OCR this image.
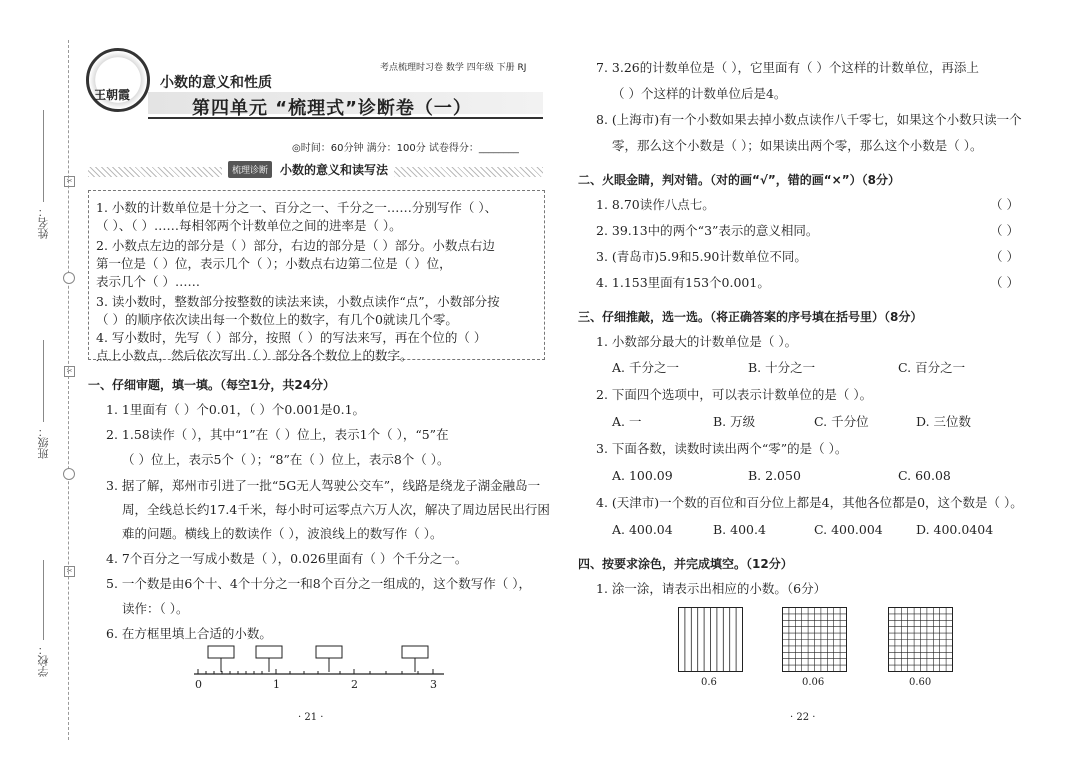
姓名：
班级：
学校：
✂
✂
✂
王朝霞
考点梳理时习卷 数学 四年级 下册 RJ
小数的意义和性质
第四单元 “梳理式”诊断卷（一）
◎时间：60分钟 满分：100分 试卷得分：________
梳理诊断	小数的意义和读写法
1. 小数的计数单位是十分之一、百分之一、千分之一……分别写作（ ）、
（ ）、（ ）……每相邻两个计数单位之间的进率是（ ）。
2. 小数点左边的部分是（ ）部分，右边的部分是（ ）部分。小数点右边
第一位是（ ）位，表示几个（ ）；小数点右边第二位是（ ）位，
表示几个（ ）……
3. 读小数时，整数部分按整数的读法来读，小数点读作“点”，小数部分按
（ ）的顺序依次读出每一个数位上的数字，有几个0就读几个零。
4. 写小数时，先写（ ）部分，按照（ ）的写法来写，再在个位的（ ）
点上小数点，然后依次写出（ ）部分各个数位上的数字。
一、仔细审题，填一填。（每空1分，共24分）
1. 1里面有（ ）个0.01，（ ）个0.001是0.1。
2. 1.58读作（ ），其中“1”在（ ）位上，表示1个（ ），“5”在
（ ）位上，表示5个（ ）；“8”在（ ）位上，表示8个（ ）。
3. 据了解，郑州市引进了一批“5G无人驾驶公交车”，线路是绕龙子湖金融岛一
周，全线总长约17.4千米，每小时可运零点六万人次，解决了周边居民出行困
难的问题。横线上的数读作（ ），波浪线上的数写作（ ）。
4. 7个百分之一写成小数是（ ），0.026里面有（ ）个千分之一。
5. 一个数是由6个十、4个十分之一和8个百分之一组成的，这个数写作（ ），
读作：（ ）。
6. 在方框里填上合适的小数。
0	1	2	3
· 21 ·
7. 3.26的计数单位是（ ），它里面有（ ）个这样的计数单位，再添上
（ ）个这样的计数单位后是4。
8. (上海市)有一个小数如果去掉小数点读作八千零七，如果这个小数只读一个
零，那么这个小数是（ ）；如果读出两个零，那么这个小数是（ ）。
二、火眼金睛，判对错。（对的画“√”，错的画“×”）（8分）
1. 8.70读作八点七。	（ ）
2. 39.13中的两个“3”表示的意义相同。	（ ）
3. (青岛市)5.9和5.90计数单位不同。	（ ）
4. 1.153里面有153个0.001。	（ ）
三、仔细推敲，选一选。（将正确答案的序号填在括号里）（8分）
1. 小数部分最大的计数单位是（ ）。
A. 千分之一	B. 十分之一	C. 百分之一
2. 下面四个选项中，可以表示计数单位的是（ ）。
A. 一	B. 万级	C. 千分位	D. 三位数
3. 下面各数，读数时读出两个“零”的是（ ）。
A. 100.09	B. 2.050	C. 60.08
4. (天津市)一个数的百位和百分位上都是4，其他各位都是0，这个数是（ ）。
A. 400.04	B. 400.4	C. 400.004	D. 400.0404
四、按要求涂色，并完成填空。（12分）
1. 涂一涂，请表示出相应的小数。（6分）
0.6	0.06	0.60
· 22 ·
